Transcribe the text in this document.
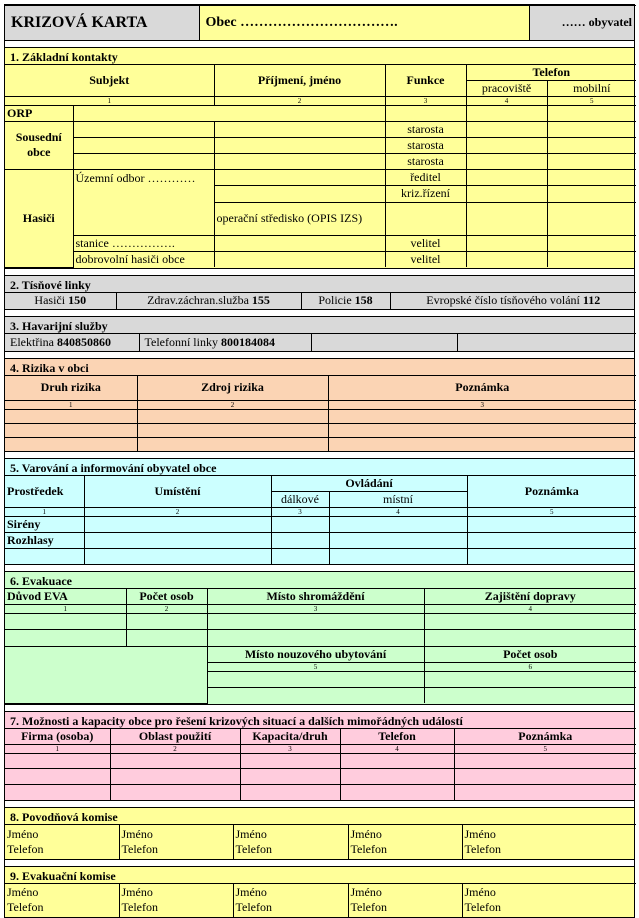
KRIZOVÁ KARTA	Obec …………………………….	…… obyvatel
1. Základní kontakty
Subjekt		Příjmení, jméno	Funkce	Telefon	
				pracoviště	mobilní
1		2	3	4	5
ORP					
Sousední obce			starosta		
			starosta		
			starosta		
Hasiči	Územní odbor …………		ředitel		
			kriz.řízení		
		operační středisko (OPIS IZS)			
	stanice …………….		velitel		
	dobrovolní hasiči obce		velitel		
2. Tísňové linky
Hasiči 150	Zdrav.záchran.služba 155	Policie 158	Evropské číslo tísňového volání 112
3. Havarijní služby
Elektřina 840850860	Telefonní linky 800184084		
4. Rizika v obci
Druh rizika	Zdroj rizika	Poznámka
1	2	3

5. Varování a informování obyvatel obce
Prostředek	Umístění	Ovládání		Poznámka
		dálkové	místní	
1	2	3	4	5
Sirény				
Rozhlasy				

6. Evakuace
Důvod EVA	Počet osob	Místo shromáždění	Zajištění dopravy
1	2	3	4

		Místo nouzového ubytování	Počet osob
		5	6

7. Možnosti a kapacity obce pro řešení krizových situací a dalších mimořádných událostí
Firma (osoba)	Oblast použití	Kapacita/druh	Telefon	Poznámka
1	2	3	4	5

8. Povodňová komise
Jméno
Telefon

Jméno
Telefon

Jméno
Telefon

Jméno
Telefon

Jméno
Telefon
9. Evakuační komise
Jméno
Telefon

Jméno
Telefon

Jméno
Telefon

Jméno
Telefon

Jméno
Telefon
